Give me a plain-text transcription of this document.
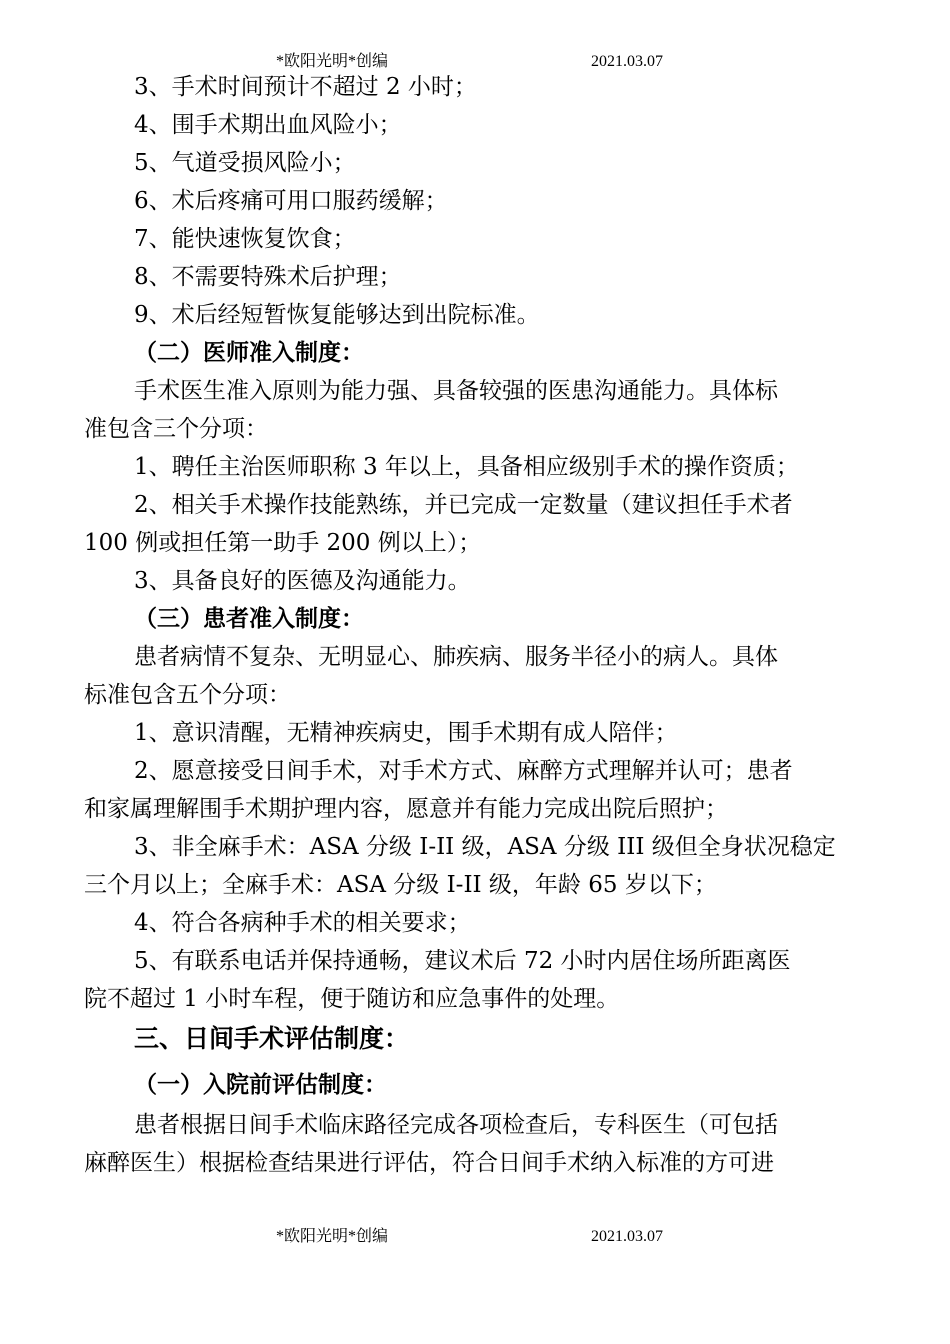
*欧阳光明*创编	2021.03.07
3、手术时间预计不超过 2 小时；
4、围手术期出血风险小；
5、气道受损风险小；
6、术后疼痛可用口服药缓解；
7、能快速恢复饮食；
8、不需要特殊术后护理；
9、术后经短暂恢复能够达到出院标准。
（二）医师准入制度：
手术医生准入原则为能力强、具备较强的医患沟通能力。具体标
准包含三个分项：
1、聘任主治医师职称 3 年以上，具备相应级别手术的操作资质；
2、相关手术操作技能熟练，并已完成一定数量（建议担任手术者
100 例或担任第一助手 200 例以上）；
3、具备良好的医德及沟通能力。
（三）患者准入制度：
患者病情不复杂、无明显心、肺疾病、服务半径小的病人。具体
标准包含五个分项：
1、意识清醒，无精神疾病史，围手术期有成人陪伴；
2、愿意接受日间手术，对手术方式、麻醉方式理解并认可；患者
和家属理解围手术期护理内容，愿意并有能力完成出院后照护；
3、非全麻手术：ASA 分级 I-II 级，ASA 分级 III 级但全身状况稳定
三个月以上；全麻手术：ASA 分级 I-II 级，年龄 65 岁以下；
4、符合各病种手术的相关要求；
5、有联系电话并保持通畅，建议术后 72 小时内居住场所距离医
院不超过 1 小时车程，便于随访和应急事件的处理。
三、日间手术评估制度：
（一）入院前评估制度：
患者根据日间手术临床路径完成各项检查后，专科医生（可包括
麻醉医生）根据检查结果进行评估，符合日间手术纳入标准的方可进
*欧阳光明*创编	2021.03.07
